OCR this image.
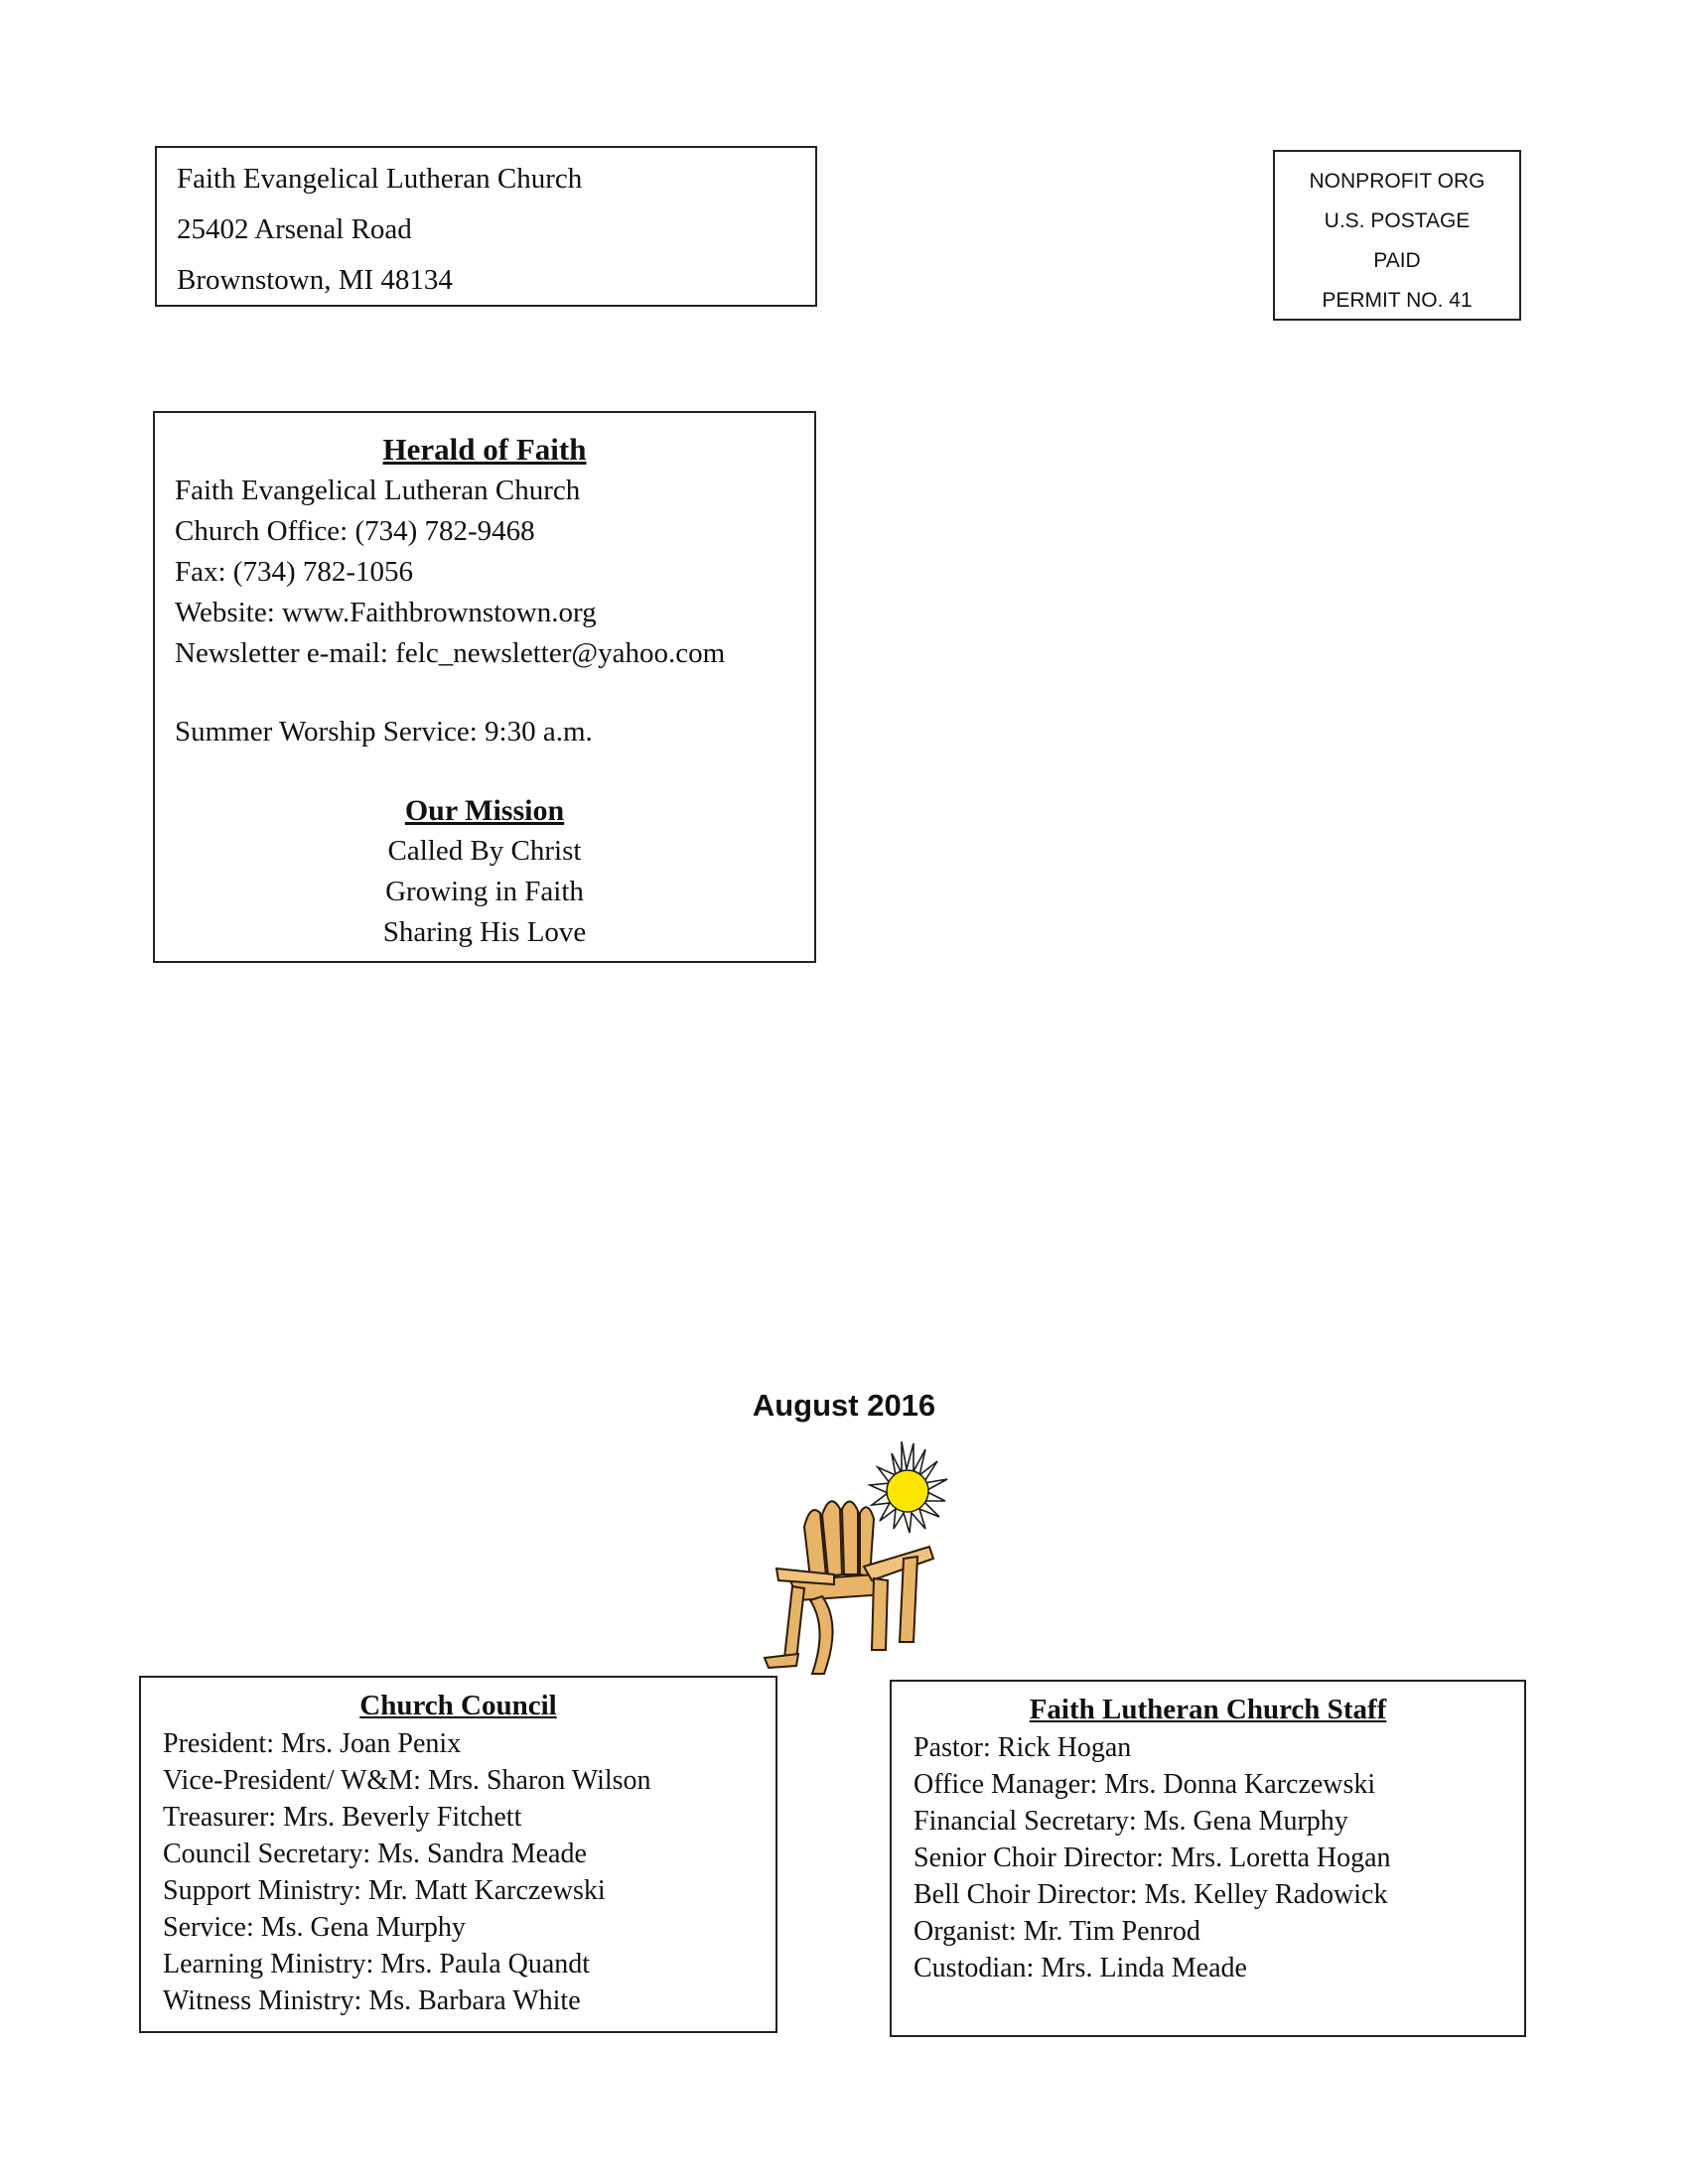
Faith Evangelical Lutheran Church
25402 Arsenal Road
Brownstown, MI 48134
NONPROFIT ORG
U.S. POSTAGE
PAID
PERMIT NO. 41
Herald of Faith
Faith Evangelical Lutheran Church
Church Office: (734) 782-9468
Fax: (734) 782-1056
Website: www.Faithbrownstown.org
Newsletter e-mail: felc_newsletter@yahoo.com
Summer Worship Service: 9:30 a.m.
Our Mission
Called By Christ
Growing in Faith
Sharing His Love
August 2016
Church Council
President: Mrs. Joan Penix
Vice-President/ W&M: Mrs. Sharon Wilson
Treasurer: Mrs. Beverly Fitchett
Council Secretary: Ms. Sandra Meade
Support Ministry: Mr. Matt Karczewski
Service: Ms. Gena Murphy
Learning Ministry: Mrs. Paula Quandt
Witness Ministry: Ms. Barbara White
Faith Lutheran Church Staff
Pastor: Rick Hogan
Office Manager: Mrs. Donna Karczewski
Financial Secretary: Ms. Gena Murphy
Senior Choir Director: Mrs. Loretta Hogan
Bell Choir Director: Ms. Kelley Radowick
Organist: Mr. Tim Penrod
Custodian: Mrs. Linda Meade
